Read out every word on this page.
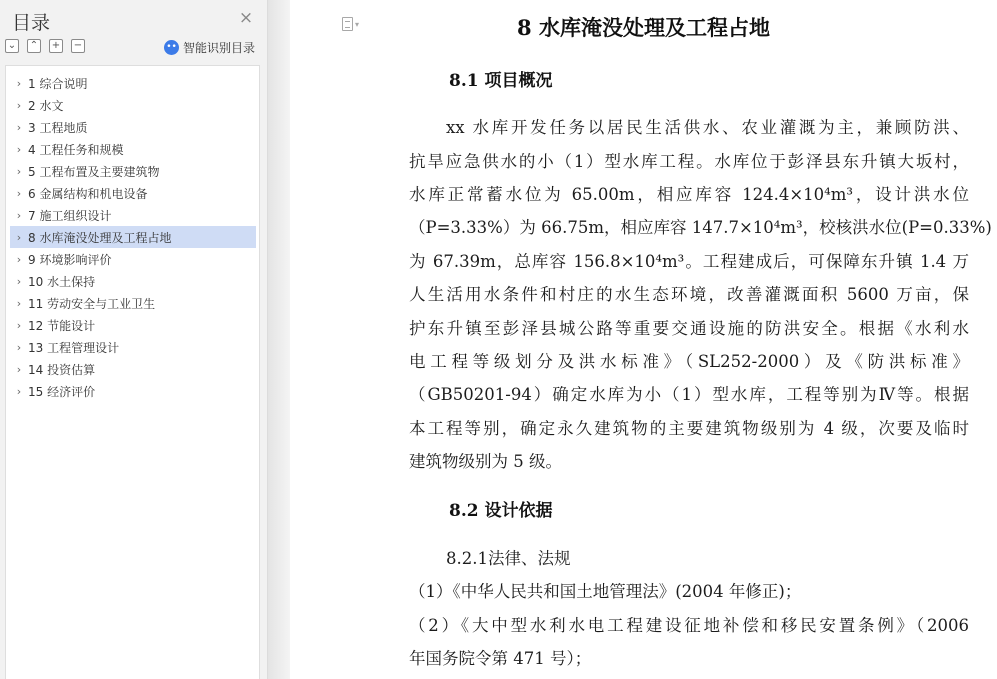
目录	×
⌄ ⌃ + −	•• 智能识别目录
› 1 综合说明
› 2 水文
› 3 工程地质
› 4 工程任务和规模
› 5 工程布置及主要建筑物
› 6 金属结构和机电设备
› 7 施工组织设计
› 8 水库淹没处理及工程占地
› 9 环境影响评价
› 10 水土保持
› 11 劳动安全与工业卫生
› 12 节能设计
› 13 工程管理设计
› 14 投资估算
› 15 经济评价
▾	8 水库淹没处理及工程占地
8.1 项目概况
8.2 设计依据
8.2.1法律、法规
xx 水库开发任务以居民生活供水、农业灌溉为主，兼顾防洪、
抗旱应急供水的小（1）型水库工程。水库位于彭泽县东升镇大坂村，
水库正常蓄水位为 65.00m，相应库容 124.4×10⁴m³，设计洪水位
（P=3.33%）为 66.75m，相应库容 147.7×10⁴m³，校核洪水位(P=0.33%)
为 67.39m，总库容 156.8×10⁴m³。工程建成后，可保障东升镇 1.4 万
人生活用水条件和村庄的水生态环境，改善灌溉面积 5600 万亩，保
护东升镇至彭泽县城公路等重要交通设施的防洪安全。根据《水利水
电工程等级划分及洪水标准》（SL252-2000）及《防洪标准》
（GB50201-94）确定水库为小（1）型水库，工程等别为Ⅳ等。根据
本工程等别，确定永久建筑物的主要建筑物级别为 4 级，次要及临时
建筑物级别为 5 级。
（1）《中华人民共和国土地管理法》(2004 年修正)；
（2）《大中型水利水电工程建设征地补偿和移民安置条例》（2006
年国务院令第 471 号）；
